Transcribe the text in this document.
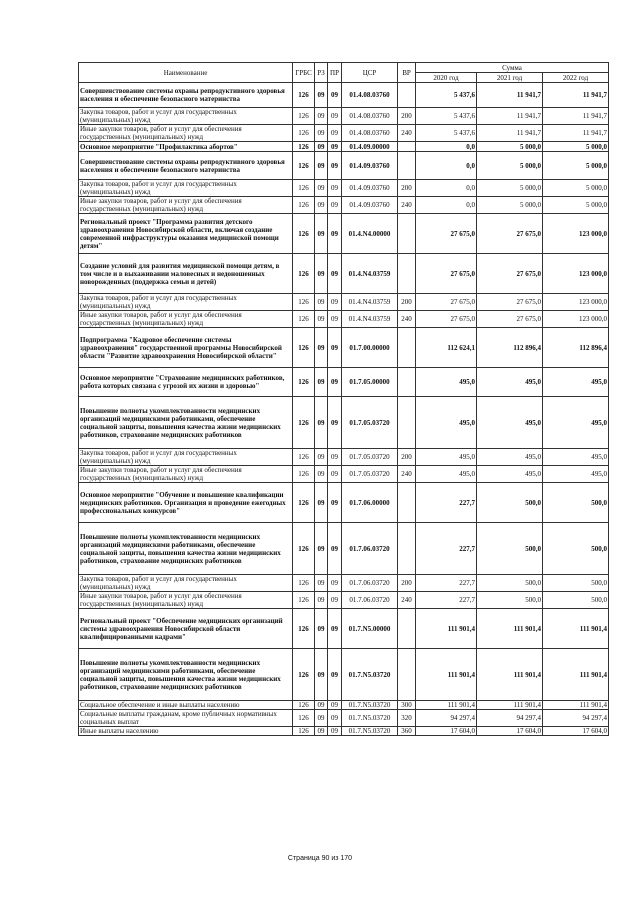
Наименование	ГРБС	РЗ	ПР	ЦСР	ВР	Сумма		
						2020 год	2021 год	2022 год
Совершенствование системы охраны репродуктивного здоровья населения и обеспечение безопасного материнства	126	09	09	01.4.08.03760		5 437,6	11 941,7	11 941,7
Закупка товаров, работ и услуг для государственных (муниципальных) нужд	126	09	09	01.4.08.03760	200	5 437,6	11 941,7	11 941,7
Иные закупки товаров, работ и услуг для обеспечения государственных (муниципальных) нужд	126	09	09	01.4.08.03760	240	5 437,6	11 941,7	11 941,7
Основное мероприятие "Профилактика абортов"	126	09	09	01.4.09.00000		0,0	5 000,0	5 000,0
Совершенствование системы охраны репродуктивного здоровья населения и обеспечение безопасного материнства	126	09	09	01.4.09.03760		0,0	5 000,0	5 000,0
Закупка товаров, работ и услуг для государственных (муниципальных) нужд	126	09	09	01.4.09.03760	200	0,0	5 000,0	5 000,0
Иные закупки товаров, работ и услуг для обеспечения государственных (муниципальных) нужд	126	09	09	01.4.09.03760	240	0,0	5 000,0	5 000,0
Региональный проект "Программа развития детского здравоохранения Новосибирской области, включая создание современной инфраструктуры оказания медицинской помощи детям"	126	09	09	01.4.N4.00000		27 675,0	27 675,0	123 000,0
Создание условий для развития медицинской помощи детям, в том числе и в выхаживании маловесных и недоношенных новорожденных (поддержка семьи и детей)	126	09	09	01.4.N4.03759		27 675,0	27 675,0	123 000,0
Закупка товаров, работ и услуг для государственных (муниципальных) нужд	126	09	09	01.4.N4.03759	200	27 675,0	27 675,0	123 000,0
Иные закупки товаров, работ и услуг для обеспечения государственных (муниципальных) нужд	126	09	09	01.4.N4.03759	240	27 675,0	27 675,0	123 000,0
Подпрограмма "Кадровое обеспечение системы здравоохранения" государственной программы Новосибирской области "Развитие здравоохранения Новосибирской области"	126	09	09	01.7.00.00000		112 624,1	112 896,4	112 896,4
Основное мероприятие "Страхование медицинских работников, работа которых связана с угрозой их жизни и здоровью"	126	09	09	01.7.05.00000		495,0	495,0	495,0
Повышение полноты укомплектованности медицинских организаций медицинскими работниками, обеспечение социальной защиты, повышения качества жизни медицинских работников, страхование медицинских работников	126	09	09	01.7.05.03720		495,0	495,0	495,0
Закупка товаров, работ и услуг для государственных (муниципальных) нужд	126	09	09	01.7.05.03720	200	495,0	495,0	495,0
Иные закупки товаров, работ и услуг для обеспечения государственных (муниципальных) нужд	126	09	09	01.7.05.03720	240	495,0	495,0	495,0
Основное мероприятие "Обучение и повышение квалификации медицинских работников. Организация и проведение ежегодных профессиональных конкурсов"	126	09	09	01.7.06.00000		227,7	500,0	500,0
Повышение полноты укомплектованности медицинских организаций медицинскими работниками, обеспечение социальной защиты, повышения качества жизни медицинских работников, страхование медицинских работников	126	09	09	01.7.06.03720		227,7	500,0	500,0
Закупка товаров, работ и услуг для государственных (муниципальных) нужд	126	09	09	01.7.06.03720	200	227,7	500,0	500,0
Иные закупки товаров, работ и услуг для обеспечения государственных (муниципальных) нужд	126	09	09	01.7.06.03720	240	227,7	500,0	500,0
Региональный проект "Обеспечение медицинских организаций системы здравоохранения Новосибирской области квалифицированными кадрами"	126	09	09	01.7.N5.00000		111 901,4	111 901,4	111 901,4
Повышение полноты укомплектованности медицинских организаций медицинскими работниками, обеспечение социальной защиты, повышения качества жизни медицинских работников, страхование медицинских работников	126	09	09	01.7.N5.03720		111 901,4	111 901,4	111 901,4
Социальное обеспечение и иные выплаты населению	126	09	09	01.7.N5.03720	300	111 901,4	111 901,4	111 901,4
Социальные выплаты гражданам, кроме публичных нормативных социальных выплат	126	09	09	01.7.N5.03720	320	94 297,4	94 297,4	94 297,4
Иные выплаты населению	126	09	09	01.7.N5.03720	360	17 604,0	17 604,0	17 604,0
Страница 90 из 170
